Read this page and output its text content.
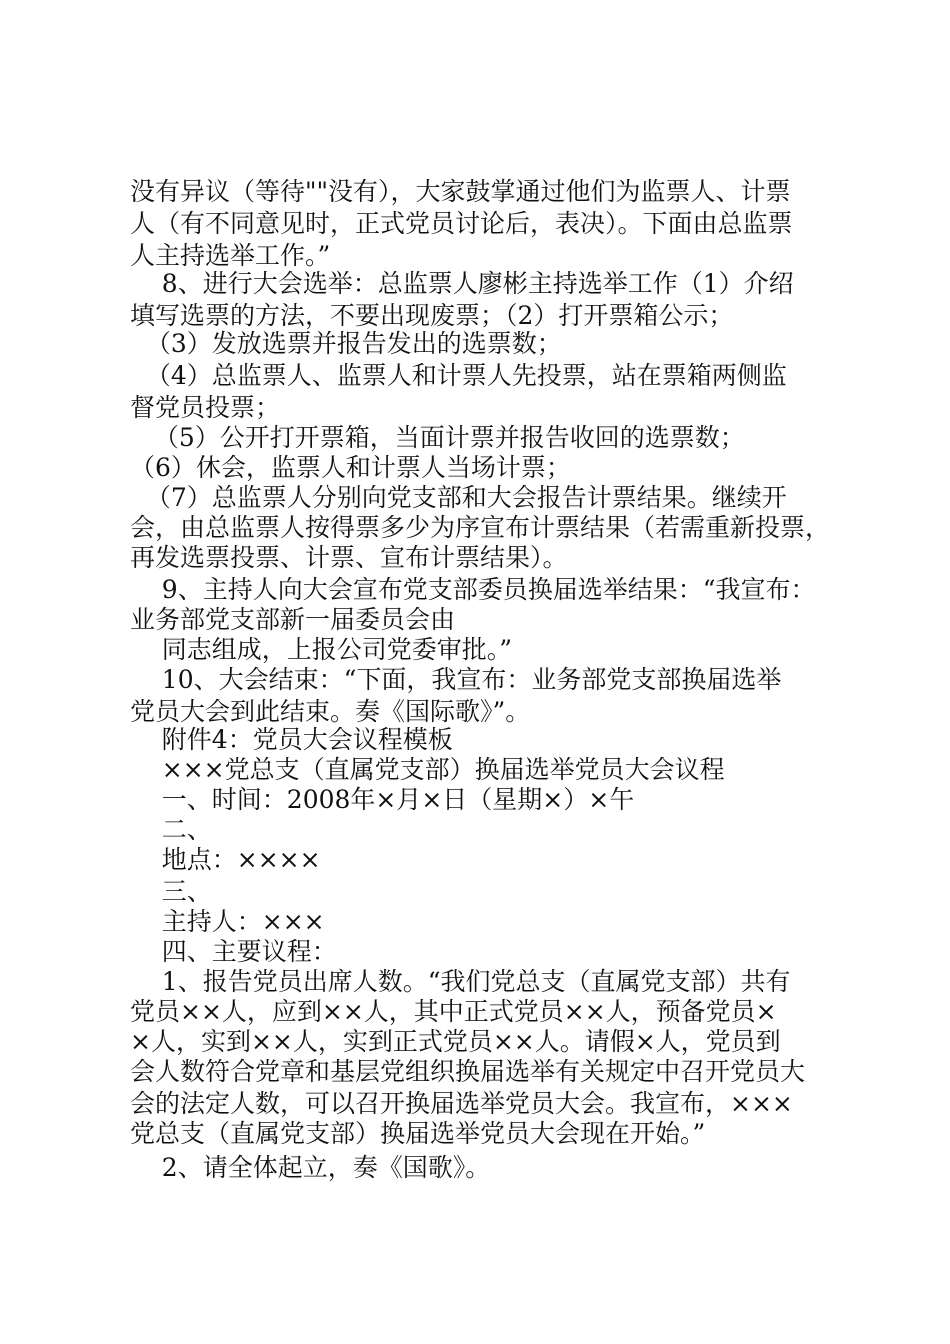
没有异议（等待""没有），大家鼓掌通过他们为监票人、计票
人（有不同意见时，正式党员讨论后，表决）。下面由总监票
人主持选举工作。”
8、进行大会选举：总监票人廖彬主持选举工作（1）介绍
填写选票的方法，不要出现废票；（2）打开票箱公示；
（3）发放选票并报告发出的选票数；
（4）总监票人、监票人和计票人先投票，站在票箱两侧监
督党员投票；
（5）公开打开票箱，当面计票并报告收回的选票数；
（6）休会，监票人和计票人当场计票；
（7）总监票人分别向党支部和大会报告计票结果。继续开
会，由总监票人按得票多少为序宣布计票结果（若需重新投票，
再发选票投票、计票、宣布计票结果）。
9、主持人向大会宣布党支部委员换届选举结果：“我宣布：
业务部党支部新一届委员会由
同志组成，上报公司党委审批。”
10、大会结束：“下面，我宣布：业务部党支部换届选举
党员大会到此结束。奏《国际歌》”。
附件4：党员大会议程模板
×××党总支（直属党支部）换届选举党员大会议程
一、时间：2008年×月×日（星期×）×午
二、
地点：××××
三、
主持人：×××
四、主要议程：
1、报告党员出席人数。“我们党总支（直属党支部）共有
党员××人，应到××人，其中正式党员××人，预备党员×
×人，实到××人，实到正式党员××人。请假×人，党员到
会人数符合党章和基层党组织换届选举有关规定中召开党员大
会的法定人数，可以召开换届选举党员大会。我宣布，×××
党总支（直属党支部）换届选举党员大会现在开始。”
2、请全体起立，奏《国歌》。
